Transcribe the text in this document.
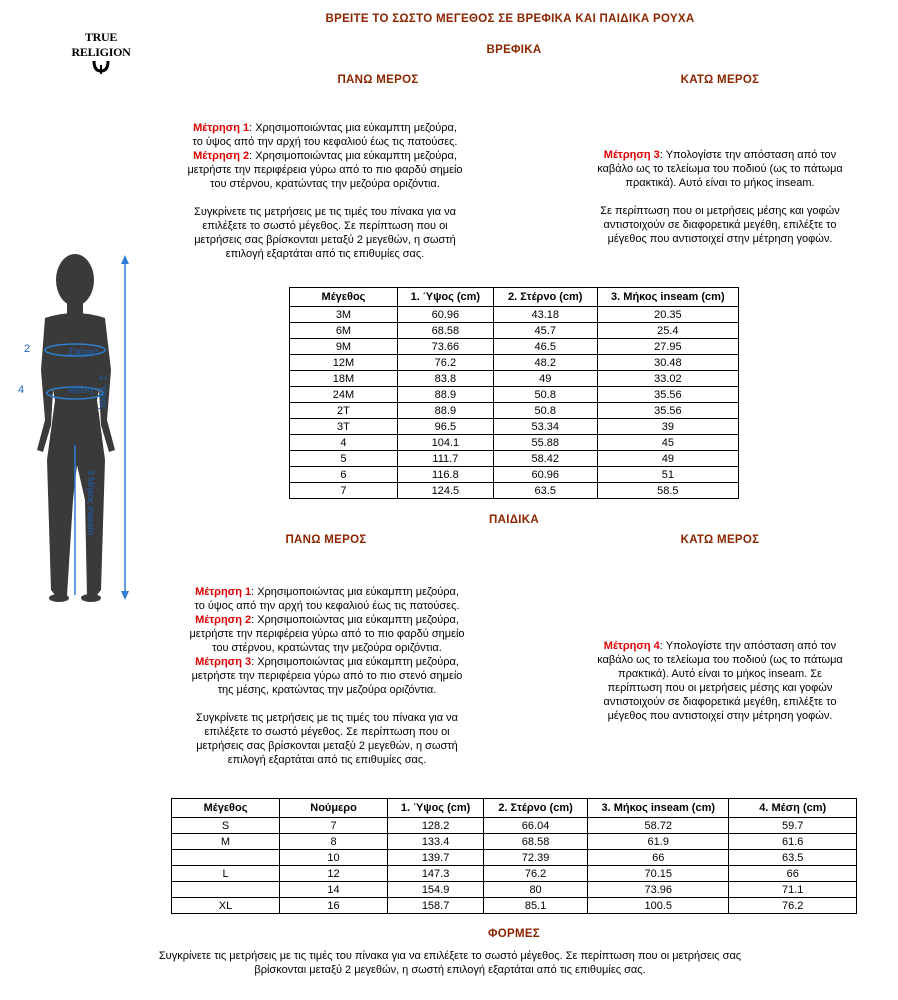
ΒΡΕΙΤΕ ΤΟ ΣΩΣΤΟ ΜΕΓΕΘΟΣ ΣΕ ΒΡΕΦΙΚΑ ΚΑΙ ΠΑΙΔΙΚΑ ΡΟΥΧΑ
TRUE RELIGION
2	Στέρνο
4	Μέση 1 Ύψος
3 Μήκος inseam
ΒΡΕΦΙΚΑ
ΠΑΝΩ ΜΕΡΟΣ	ΚΑΤΩ ΜΕΡΟΣ
Μέτρηση 1: Χρησιμοποιώντας μια εύκαμπτη μεζούρα,
το ύψος από την αρχή του κεφαλιού έως τις πατούσες.
Μέτρηση 2: Χρησιμοποιώντας μια εύκαμπτη μεζούρα,
μετρήστε την περιφέρεια γύρω από το πιο φαρδύ σημείο
του στέρνου, κρατώντας την μεζούρα οριζόντια.
Συγκρίνετε τις μετρήσεις με τις τιμές του πίνακα για να
επιλέξετε το σωστό μέγεθος. Σε περίπτωση που οι
μετρήσεις σας βρίσκονται μεταξύ 2 μεγεθών, η σωστή
επιλογή εξαρτάται από τις επιθυμίες σας.
Μέτρηση 3: Υπολογίστε την απόσταση από τον
καβάλο ως το τελείωμα του ποδιού (ως το πάτωμα
πρακτικά). Αυτό είναι το μήκος inseam.
Σε περίπτωση που οι μετρήσεις μέσης και γοφών
αντιστοιχούν σε διαφορετικά μεγέθη, επιλέξτε το
μέγεθος που αντιστοιχεί στην μέτρηση γοφών.
Μέγεθος	1. Ύψος (cm)	2. Στέρνο (cm)	3. Μήκος inseam (cm)
3M	60.96	43.18	20.35
6M	68.58	45.7	25.4
9M	73.66	46.5	27.95
12M	76.2	48.2	30.48
18M	83.8	49	33.02
24M	88.9	50.8	35.56
2T	88.9	50.8	35.56
3T	96.5	53.34	39
4	104.1	55.88	45
5	111.7	58.42	49
6	116.8	60.96	51
7	124.5	63.5	58.5
ΠΑΙΔΙΚΑ
ΠΑΝΩ ΜΕΡΟΣ	ΚΑΤΩ ΜΕΡΟΣ
Μέτρηση 1: Χρησιμοποιώντας μια εύκαμπτη μεζούρα,
το ύψος από την αρχή του κεφαλιού έως τις πατούσες.
Μέτρηση 2: Χρησιμοποιώντας μια εύκαμπτη μεζούρα,
μετρήστε την περιφέρεια γύρω από το πιο φαρδύ σημείο
του στέρνου, κρατώντας την μεζούρα οριζόντια.
Μέτρηση 3: Χρησιμοποιώντας μια εύκαμπτη μεζούρα,
μετρήστε την περιφέρεια γύρω από το πιο στενό σημείο
της μέσης, κρατώντας την μεζούρα οριζόντια.
Συγκρίνετε τις μετρήσεις με τις τιμές του πίνακα για να
επιλέξετε το σωστό μέγεθος. Σε περίπτωση που οι
μετρήσεις σας βρίσκονται μεταξύ 2 μεγεθών, η σωστή
επιλογή εξαρτάται από τις επιθυμίες σας.
Μέτρηση 4: Υπολογίστε την απόσταση από τον
καβάλο ως το τελείωμα του ποδιού (ως το πάτωμα
πρακτικά). Αυτό είναι το μήκος inseam. Σε
περίπτωση που οι μετρήσεις μέσης και γοφών
αντιστοιχούν σε διαφορετικά μεγέθη, επιλέξτε το
μέγεθος που αντιστοιχεί στην μέτρηση γοφών.
Μέγεθος	Νούμερο	1. Ύψος (cm)	2. Στέρνο (cm)	3. Μήκος inseam (cm)	4. Μέση (cm)
S	7	128.2	66.04	58.72	59.7
M	8	133.4	68.58	61.9	61.6
	10	139.7	72.39	66	63.5
L	12	147.3	76.2	70.15	66
	14	154.9	80	73.96	71.1
XL	16	158.7	85.1	100.5	76.2
ΦΟΡΜΕΣ
Συγκρίνετε τις μετρήσεις με τις τιμές του πίνακα για να επιλέξετε το σωστό μέγεθος. Σε περίπτωση που οι μετρήσεις σας
βρίσκονται μεταξύ 2 μεγεθών, η σωστή επιλογή εξαρτάται από τις επιθυμίες σας.
